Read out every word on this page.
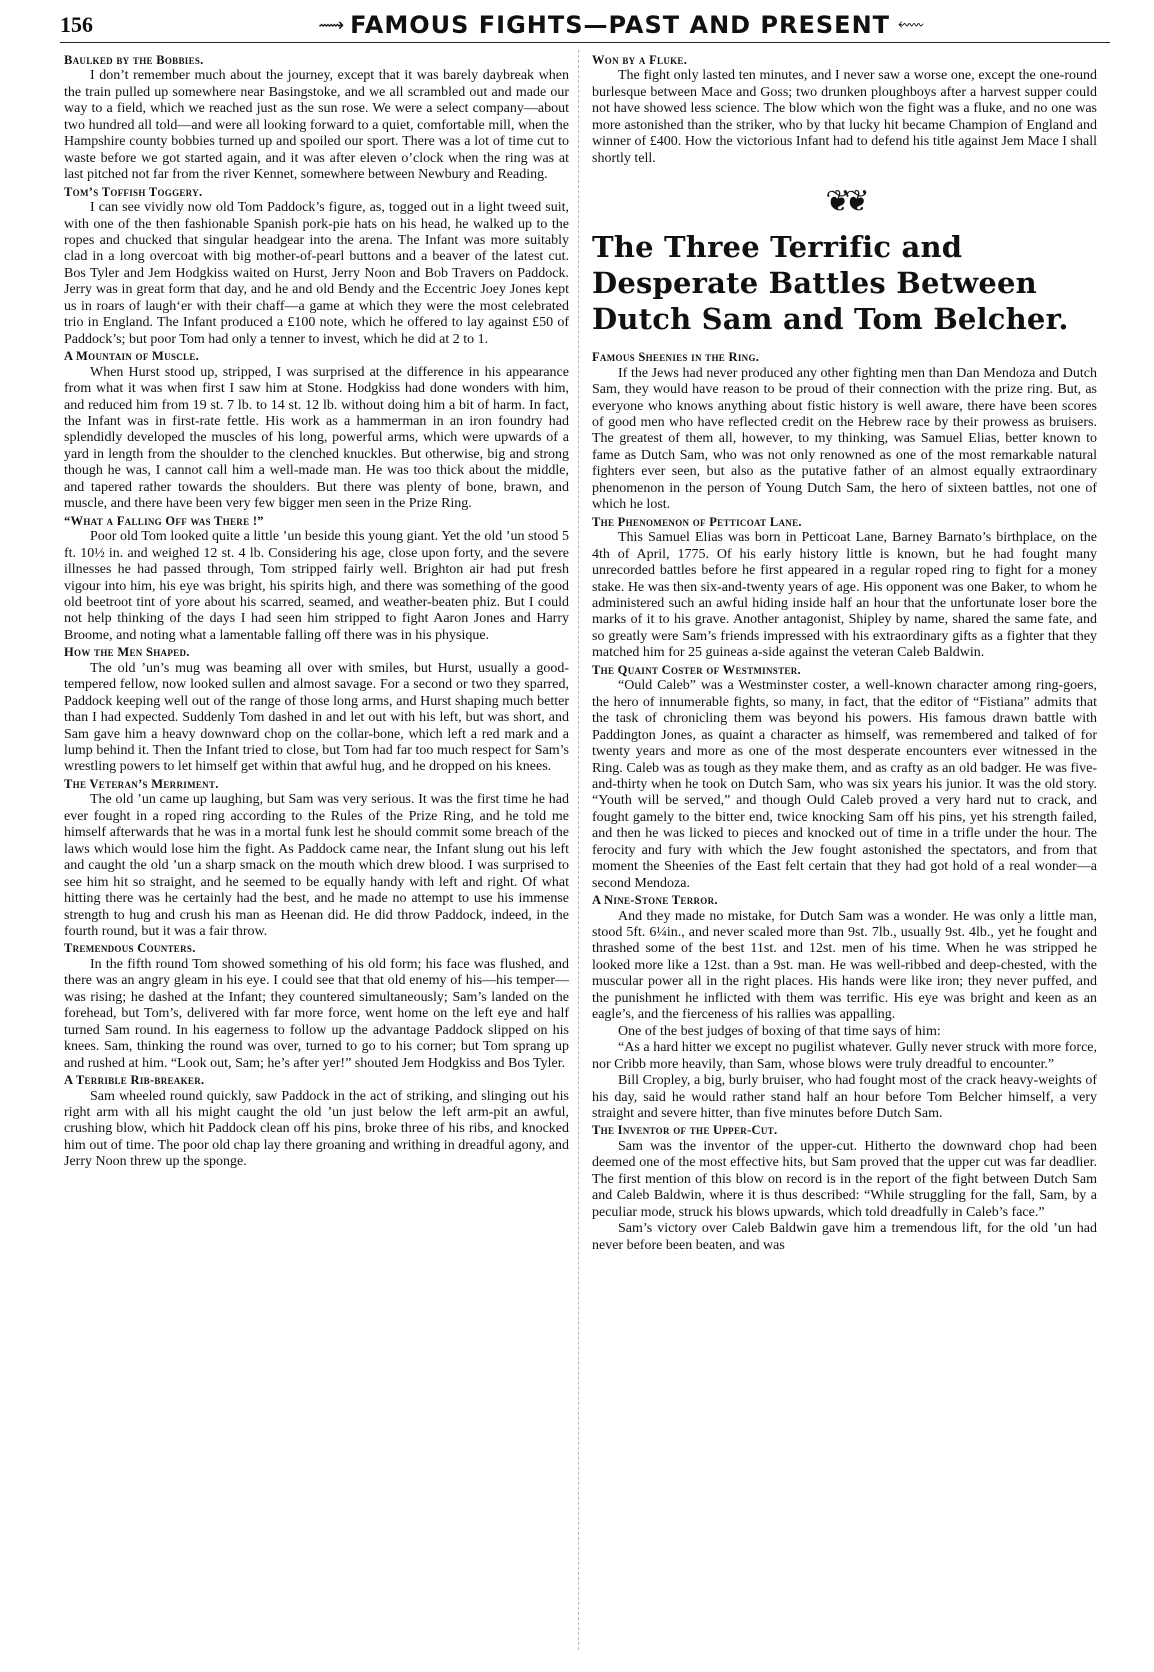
156	⟿ FAMOUS FIGHTS—PAST AND PRESENT ⬳
Baulked by the Bobbies.

I don’t remember much about the journey, except that it was barely daybreak when the train pulled up somewhere near Basingstoke, and we all scrambled out and made our way to a field, which we reached just as the sun rose. We were a select company—about two hundred all told—and were all looking forward to a quiet, comfortable mill, when the Hampshire county bobbies turned up and spoiled our sport. There was a lot of time cut to waste before we got started again, and it was after eleven o’clock when the ring was at last pitched not far from the river Kennet, somewhere between Newbury and Reading.

Tom’s Toffish Toggery.

I can see vividly now old Tom Paddock’s figure, as, togged out in a light tweed suit, with one of the then fashionable Spanish pork-pie hats on his head, he walked up to the ropes and chucked that singular headgear into the arena. The Infant was more suitably clad in a long overcoat with big mother-of-pearl buttons and a beaver of the latest cut. Bos Tyler and Jem Hodgkiss waited on Hurst, Jerry Noon and Bob Travers on Paddock. Jerry was in great form that day, and he and old Bendy and the Eccentric Joey Jones kept us in roars of laugh‘er with their chaff—a game at which they were the most celebrated trio in England. The Infant produced a £100 note, which he offered to lay against £50 of Paddock’s; but poor Tom had only a tenner to invest, which he did at 2 to 1.

A Mountain of Muscle.

When Hurst stood up, stripped, I was surprised at the difference in his appearance from what it was when first I saw him at Stone. Hodgkiss had done wonders with him, and reduced him from 19 st. 7 lb. to 14 st. 12 lb. without doing him a bit of harm. In fact, the Infant was in first-rate fettle. His work as a hammerman in an iron foundry had splendidly developed the muscles of his long, powerful arms, which were upwards of a yard in length from the shoulder to the clenched knuckles. But otherwise, big and strong though he was, I cannot call him a well-made man. He was too thick about the middle, and tapered rather towards the shoulders. But there was plenty of bone, brawn, and muscle, and there have been very few bigger men seen in the Prize Ring.

“What a Falling Off was There !”

Poor old Tom looked quite a little ’un beside this young giant. Yet the old ’un stood 5 ft. 10½ in. and weighed 12 st. 4 lb. Considering his age, close upon forty, and the severe illnesses he had passed through, Tom stripped fairly well. Brighton air had put fresh vigour into him, his eye was bright, his spirits high, and there was something of the good old beetroot tint of yore about his scarred, seamed, and weather-beaten phiz. But I could not help thinking of the days I had seen him stripped to fight Aaron Jones and Harry Broome, and noting what a lamentable falling off there was in his physique.

How the Men Shaped.

The old ’un’s mug was beaming all over with smiles, but Hurst, usually a good-tempered fellow, now looked sullen and almost savage. For a second or two they sparred, Paddock keeping well out of the range of those long arms, and Hurst shaping much better than I had expected. Suddenly Tom dashed in and let out with his left, but was short, and Sam gave him a heavy downward chop on the collar-bone, which left a red mark and a lump behind it. Then the Infant tried to close, but Tom had far too much respect for Sam’s wrestling powers to let himself get within that awful hug, and he dropped on his knees.

The Veteran’s Merriment.

The old ’un came up laughing, but Sam was very serious. It was the first time he had ever fought in a roped ring according to the Rules of the Prize Ring, and he told me himself afterwards that he was in a mortal funk lest he should commit some breach of the laws which would lose him the fight. As Paddock came near, the Infant slung out his left and caught the old ’un a sharp smack on the mouth which drew blood. I was surprised to see him hit so straight, and he seemed to be equally handy with left and right. Of what hitting there was he certainly had the best, and he made no attempt to use his immense strength to hug and crush his man as Heenan did. He did throw Paddock, indeed, in the fourth round, but it was a fair throw.

Tremendous Counters.

In the fifth round Tom showed something of his old form; his face was flushed, and there was an angry gleam in his eye. I could see that that old enemy of his—his temper—was rising; he dashed at the Infant; they countered simultaneously; Sam’s landed on the forehead, but Tom’s, delivered with far more force, went home on the left eye and half turned Sam round. In his eagerness to follow up the advantage Paddock slipped on his knees. Sam, thinking the round was over, turned to go to his corner; but Tom sprang up and rushed at him. “Look out, Sam; he’s after yer!” shouted Jem Hodgkiss and Bos Tyler.

A Terrible Rib-breaker.

Sam wheeled round quickly, saw Paddock in the act of striking, and slinging out his right arm with all his might caught the old ’un just below the left arm-pit an awful, crushing blow, which hit Paddock clean off his pins, broke three of his ribs, and knocked him out of time. The poor old chap lay there groaning and writhing in dreadful agony, and Jerry Noon threw up the sponge.

Won by a Fluke.

The fight only lasted ten minutes, and I never saw a worse one, except the one-round burlesque between Mace and Goss; two drunken ploughboys after a harvest supper could not have showed less science. The blow which won the fight was a fluke, and no one was more astonished than the striker, who by that lucky hit became Champion of England and winner of £400. How the victorious Infant had to defend his title against Jem Mace I shall shortly tell.

❦❦
The Three Terrific and Desperate Battles Between Dutch Sam and Tom Belcher.
Famous Sheenies in the Ring.

If the Jews had never produced any other fighting men than Dan Mendoza and Dutch Sam, they would have reason to be proud of their connection with the prize ring. But, as everyone who knows anything about fistic history is well aware, there have been scores of good men who have reflected credit on the Hebrew race by their prowess as bruisers. The greatest of them all, however, to my thinking, was Samuel Elias, better known to fame as Dutch Sam, who was not only renowned as one of the most remarkable natural fighters ever seen, but also as the putative father of an almost equally extraordinary phenomenon in the person of Young Dutch Sam, the hero of sixteen battles, not one of which he lost.

The Phenomenon of Petticoat Lane.

This Samuel Elias was born in Petticoat Lane, Barney Barnato’s birthplace, on the 4th of April, 1775. Of his early history little is known, but he had fought many unrecorded battles before he first appeared in a regular roped ring to fight for a money stake. He was then six-and-twenty years of age. His opponent was one Baker, to whom he administered such an awful hiding inside half an hour that the unfortunate loser bore the marks of it to his grave. Another antagonist, Shipley by name, shared the same fate, and so greatly were Sam’s friends impressed with his extraordinary gifts as a fighter that they matched him for 25 guineas a-side against the veteran Caleb Baldwin.

The Quaint Coster of Westminster.

“Ould Caleb” was a Westminster coster, a well-known character among ring-goers, the hero of innumerable fights, so many, in fact, that the editor of “Fistiana” admits that the task of chronicling them was beyond his powers. His famous drawn battle with Paddington Jones, as quaint a character as himself, was remembered and talked of for twenty years and more as one of the most desperate encounters ever witnessed in the Ring. Caleb was as tough as they make them, and as crafty as an old badger. He was five-and-thirty when he took on Dutch Sam, who was six years his junior. It was the old story. “Youth will be served,” and though Ould Caleb proved a very hard nut to crack, and fought gamely to the bitter end, twice knocking Sam off his pins, yet his strength failed, and then he was licked to pieces and knocked out of time in a trifle under the hour. The ferocity and fury with which the Jew fought astonished the spectators, and from that moment the Sheenies of the East felt certain that they had got hold of a real wonder—a second Mendoza.

A Nine-Stone Terror.

And they made no mistake, for Dutch Sam was a wonder. He was only a little man, stood 5ft. 6¼in., and never scaled more than 9st. 7lb., usually 9st. 4lb., yet he fought and thrashed some of the best 11st. and 12st. men of his time. When he was stripped he looked more like a 12st. than a 9st. man. He was well-ribbed and deep-chested, with the muscular power all in the right places. His hands were like iron; they never puffed, and the punishment he inflicted with them was terrific. His eye was bright and keen as an eagle’s, and the fierceness of his rallies was appalling.

One of the best judges of boxing of that time says of him:

“As a hard hitter we except no pugilist whatever. Gully never struck with more force, nor Cribb more heavily, than Sam, whose blows were truly dreadful to encounter.”

Bill Cropley, a big, burly bruiser, who had fought most of the crack heavy-weights of his day, said he would rather stand half an hour before Tom Belcher himself, a very straight and severe hitter, than five minutes before Dutch Sam.

The Inventor of the Upper-Cut.

Sam was the inventor of the upper-cut. Hitherto the downward chop had been deemed one of the most effective hits, but Sam proved that the upper cut was far deadlier. The first mention of this blow on record is in the report of the fight between Dutch Sam and Caleb Baldwin, where it is thus described: “While struggling for the fall, Sam, by a peculiar mode, struck his blows upwards, which told dreadfully in Caleb’s face.”

Sam’s victory over Caleb Baldwin gave him a tremendous lift, for the old ’un had never before been beaten, and was
